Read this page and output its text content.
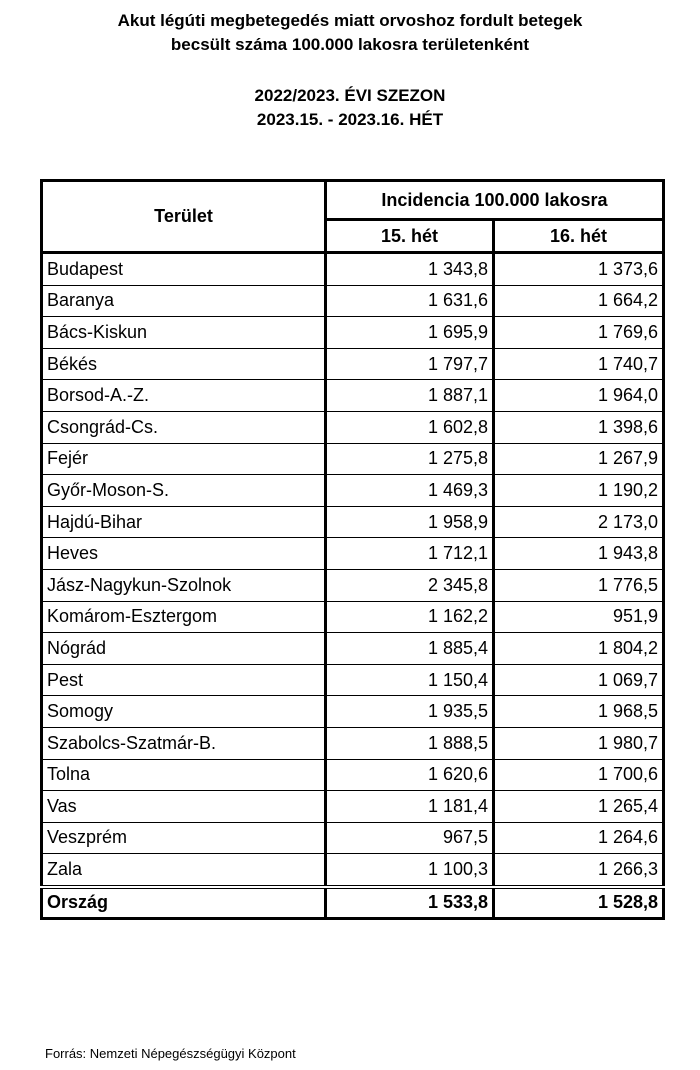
Akut légúti megbetegedés miatt orvoshoz fordult betegek
becsült száma 100.000 lakosra területenként
2022/2023. ÉVI SZEZON
2023.15. - 2023.16. HÉT
Terület	Incidencia 100.000 lakosra	
	15. hét	16. hét
Budapest	1 343,8	1 373,6
Baranya	1 631,6	1 664,2
Bács-Kiskun	1 695,9	1 769,6
Békés	1 797,7	1 740,7
Borsod-A.-Z.	1 887,1	1 964,0
Csongrád-Cs.	1 602,8	1 398,6
Fejér	1 275,8	1 267,9
Győr-Moson-S.	1 469,3	1 190,2
Hajdú-Bihar	1 958,9	2 173,0
Heves	1 712,1	1 943,8
Jász-Nagykun-Szolnok	2 345,8	1 776,5
Komárom-Esztergom	1 162,2	951,9
Nógrád	1 885,4	1 804,2
Pest	1 150,4	1 069,7
Somogy	1 935,5	1 968,5
Szabolcs-Szatmár-B.	1 888,5	1 980,7
Tolna	1 620,6	1 700,6
Vas	1 181,4	1 265,4
Veszprém	967,5	1 264,6
Zala	1 100,3	1 266,3
Ország	1 533,8	1 528,8
Forrás: Nemzeti Népegészségügyi Központ
